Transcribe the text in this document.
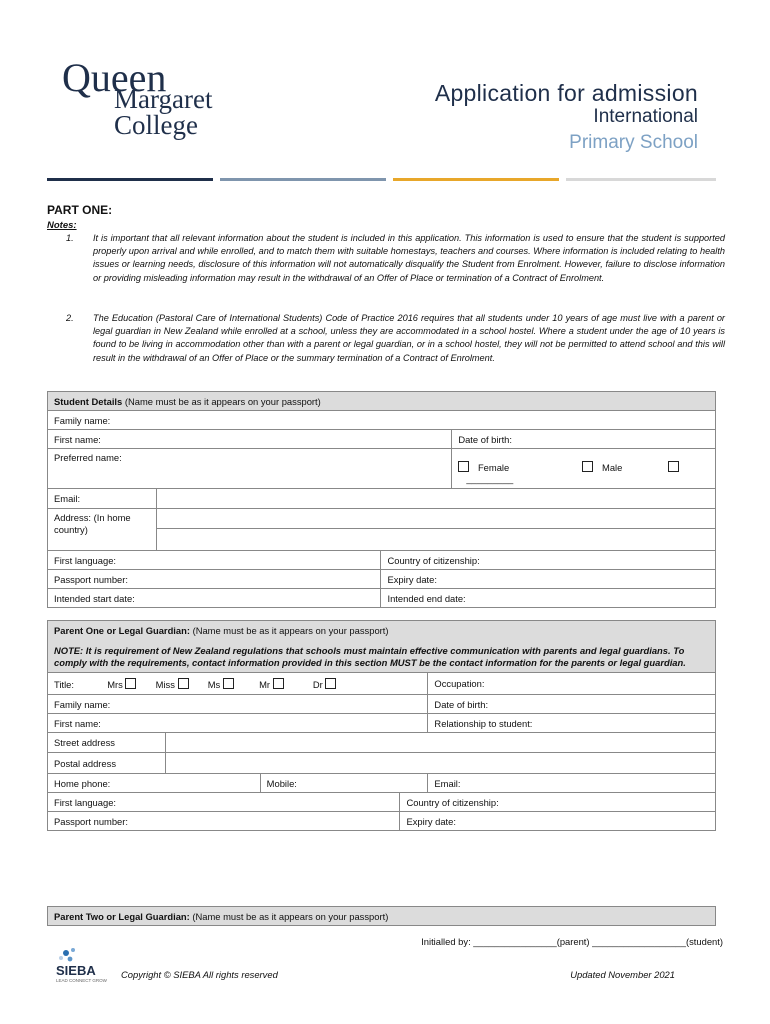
Queen
Margaret
College
Application for admission
International
Primary School
PART ONE:
Notes:
1.	It is important that all relevant information about the student is included in this application. This information is used to ensure that the student is supported properly upon arrival and while enrolled, and to match them with suitable homestays, teachers and courses. Where information is included relating to health issues or learning needs, disclosure of this information will not automatically disqualify the Student from Enrolment. However, failure to disclose information or providing misleading information may result in the withdrawal of an Offer of Place or termination of a Contract of Enrolment.
2.	The Education (Pastoral Care of International Students) Code of Practice 2016 requires that all students under 10 years of age must live with a parent or legal guardian in New Zealand while enrolled at a school, unless they are accommodated in a school hostel. Where a student under the age of 10 years is found to be living in accommodation other than with a parent or legal guardian, or in a school hostel, they will not be permitted to attend school and this will result in the withdrawal of an Offer of Place or the summary termination of a Contract of Enrolment.
Student Details (Name must be as it appears on your passport)			
Family name:			
First name:			Date of birth:
Preferred name:			Female Male   _________
Email:			
Address: (In home country)			

First language:		Country of citizenship:	
Passport number:		Expiry date:	
Intended start date:		Intended end date:	
Parent One or Legal Guardian: (Name must be as it appears on your passport)
NOTE: It is requirement of New Zealand regulations that schools must maintain effective communication with parents and legal guardians. To comply with the requirements, contact information provided in this section MUST be the contact information for the parents or legal guardian.				

Title: Mrs Miss Ms Mr Dr				Occupation:
Family name:				Date of birth:
First name:				Relationship to student:
Street address				
Postal address				
Home phone:		Mobile:		Email:
First language:			Country of citizenship:	
Passport number:			Expiry date:	
Parent Two or Legal Guardian: (Name must be as it appears on your passport)
Initialled by: ________________(parent) __________________(student)
SIEBA
LEAD CONNECT GROW
Copyright © SIEBA All rights reserved	Updated November 2021
